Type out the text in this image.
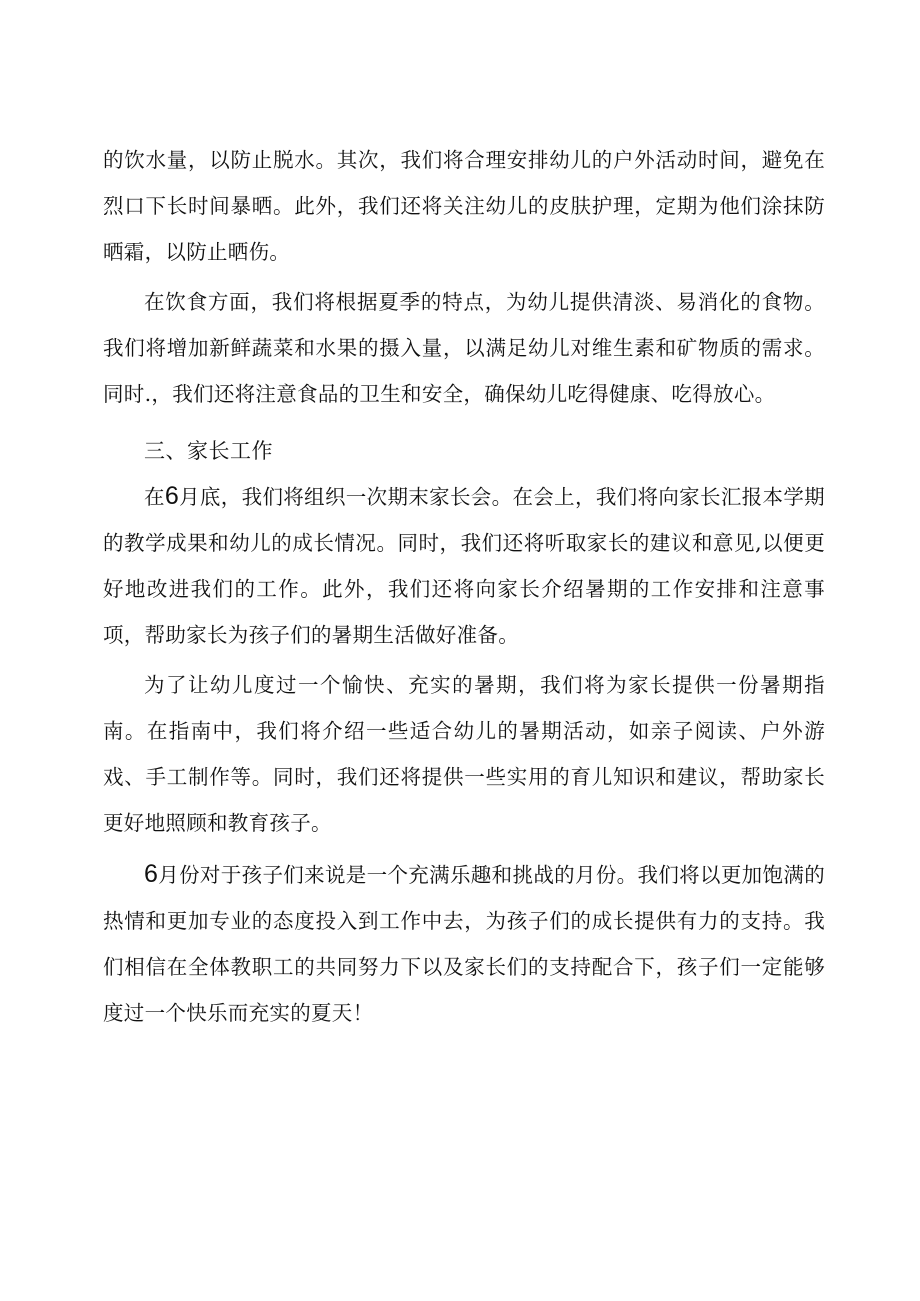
的饮水量，以防止脱水。其次，我们将合理安排幼儿的户外活动时间，避免在烈口下长时间暴晒。此外，我们还将关注幼儿的皮肤护理，定期为他们涂抹防晒霜，以防止晒伤。

在饮食方面，我们将根据夏季的特点，为幼儿提供清淡、易消化的食物。我们将增加新鲜蔬菜和水果的摄入量，以满足幼儿对维生素和矿物质的需求。同时.，我们还将注意食品的卫生和安全，确保幼儿吃得健康、吃得放心。

三、家长工作

在6月底，我们将组织一次期末家长会。在会上，我们将向家长汇报本学期的教学成果和幼儿的成长情况。同时，我们还将听取家长的建议和意见,以便更好地改进我们的工作。此外，我们还将向家长介绍暑期的工作安排和注意事项，帮助家长为孩子们的暑期生活做好准备。

为了让幼儿度过一个愉快、充实的暑期，我们将为家长提供一份暑期指南。在指南中，我们将介绍一些适合幼儿的暑期活动，如亲子阅读、户外游戏、手工制作等。同时，我们还将提供一些实用的育儿知识和建议，帮助家长更好地照顾和教育孩子。

6月份对于孩子们来说是一个充满乐趣和挑战的月份。我们将以更加饱满的热情和更加专业的态度投入到工作中去，为孩子们的成长提供有力的支持。我们相信在全体教职工的共同努力下以及家长们的支持配合下，孩子们一定能够度过一个快乐而充实的夏天！
